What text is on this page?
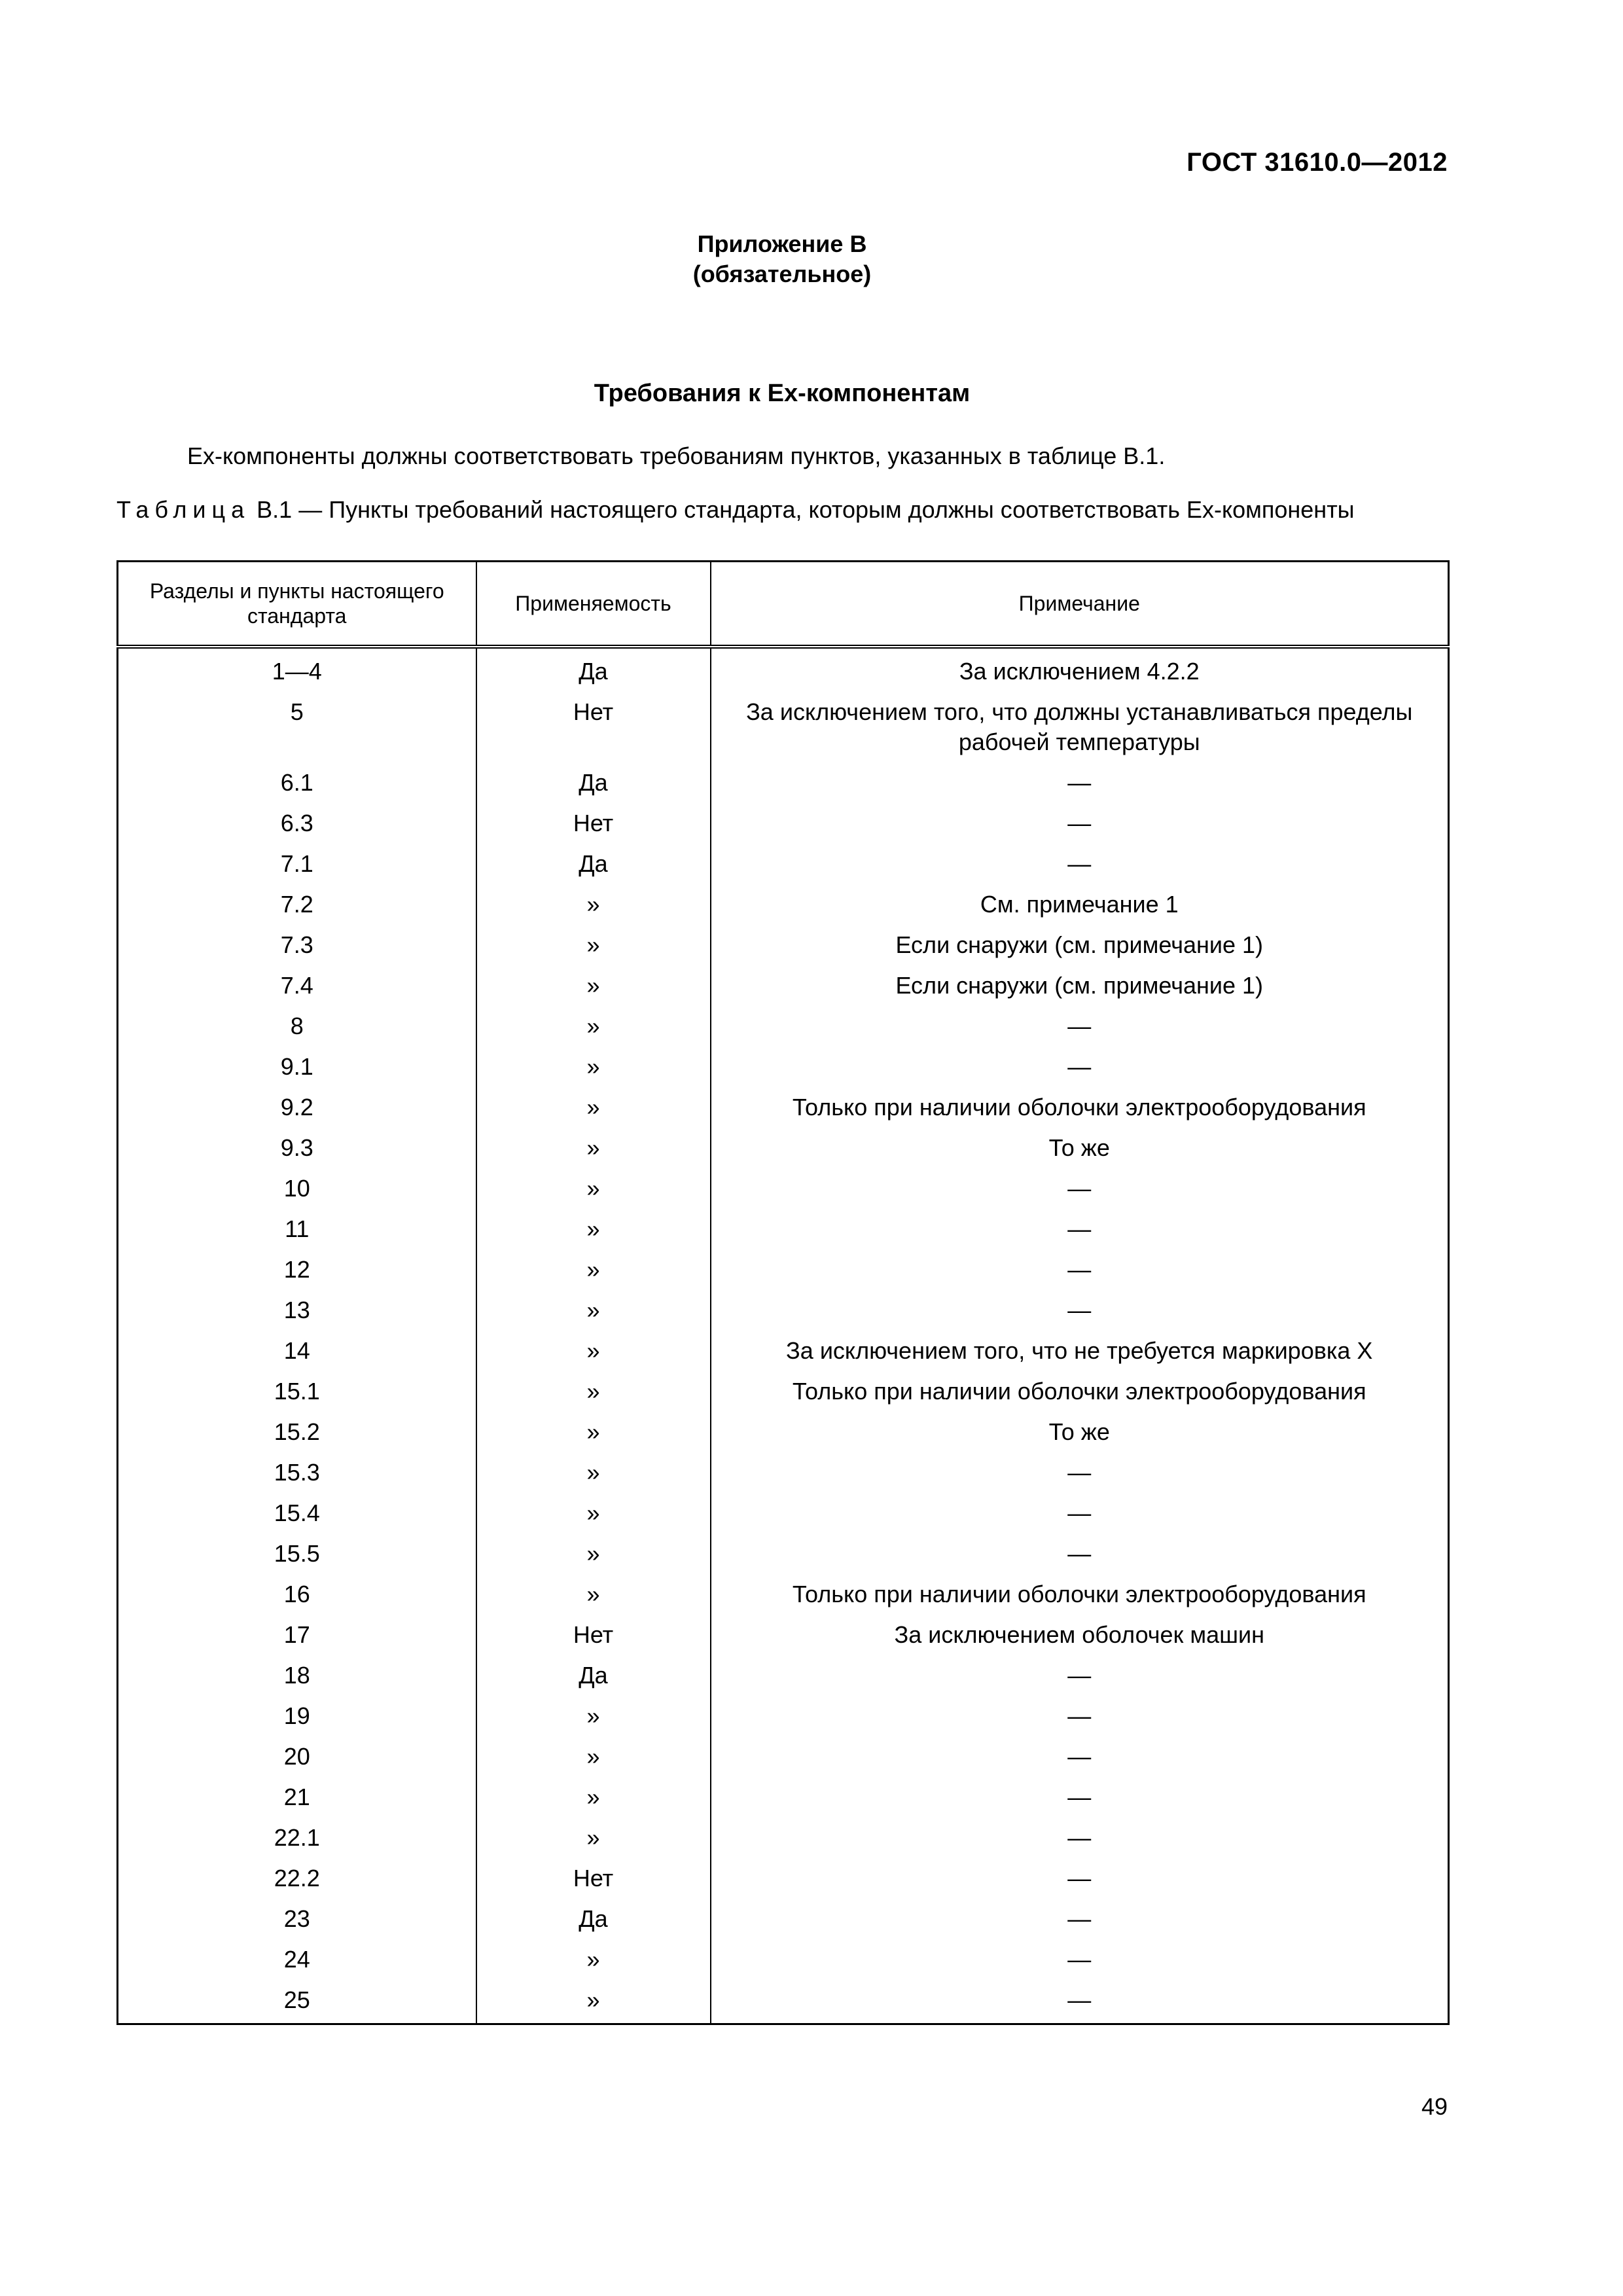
ГОСТ 31610.0—2012
Приложение В
(обязательное)
Требования к Ex-компонентам
Ex-компоненты должны соответствовать требованиям пунктов, указанных в таблице В.1.
Таблица В.1 — Пункты требований настоящего стандарта, которым должны соответствовать Ex-компоненты
Разделы и пункты настоящего стандарта	Применяемость	Примечание
1—4	Да	За исключением 4.2.2
5	Нет	За исключением того, что должны устанавливаться пределы рабочей температуры
6.1	Да	—
6.3	Нет	—
7.1	Да	—
7.2	»	См. примечание 1
7.3	»	Если снаружи (см. примечание 1)
7.4	»	Если снаружи (см. примечание 1)
8	»	—
9.1	»	—
9.2	»	Только при наличии оболочки электрооборудования
9.3	»	То же
10	»	—
11	»	—
12	»	—
13	»	—
14	»	За исключением того, что не требуется маркировка Х
15.1	»	Только при наличии оболочки электрооборудования
15.2	»	То же
15.3	»	—
15.4	»	—
15.5	»	—
16	»	Только при наличии оболочки электрооборудования
17	Нет	За исключением оболочек машин
18	Да	—
19	»	—
20	»	—
21	»	—
22.1	»	—
22.2	Нет	—
23	Да	—
24	»	—
25	»	—
49
